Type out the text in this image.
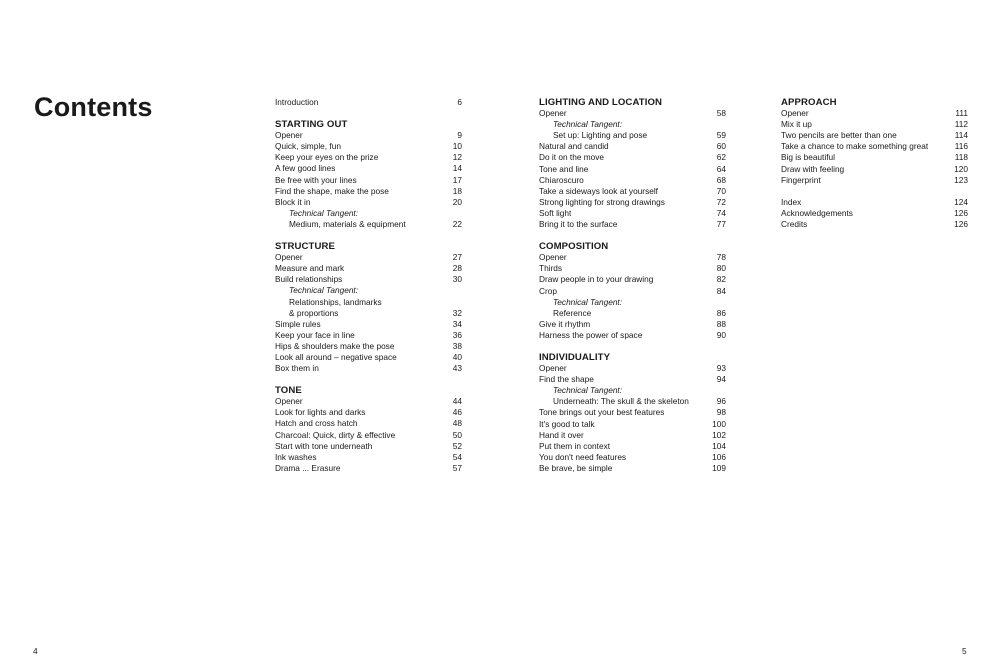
Contents	Introduction	6
STARTING OUT
Opener	9
Quick, simple, fun	10
Keep your eyes on the prize	12
A few good lines	14
Be free with your lines	17
Find the shape, make the pose	18
Block it in	20
Technical Tangent:
Medium, materials & equipment	22
STRUCTURE
Opener	27
Measure and mark	28
Build relationships	30
Technical Tangent:
Relationships, landmarks
& proportions	32
Simple rules	34
Keep your face in line	36
Hips & shoulders make the pose	38
Look all around – negative space	40
Box them in	43
TONE
Opener	44
Look for lights and darks	46
Hatch and cross hatch	48
Charcoal: Quick, dirty & effective	50
Start with tone underneath	52
Ink washes	54
Drama ... Erasure	57
LIGHTING AND LOCATION
Opener	58
Technical Tangent:
Set up: Lighting and pose	59
Natural and candid	60
Do it on the move	62
Tone and line	64
Chiaroscuro	68
Take a sideways look at yourself	70
Strong lighting for strong drawings	72
Soft light	74
Bring it to the surface	77
COMPOSITION
Opener	78
Thirds	80
Draw people in to your drawing	82
Crop	84
Technical Tangent:
Reference	86
Give it rhythm	88
Harness the power of space	90
INDIVIDUALITY
Opener	93
Find the shape	94
Technical Tangent:
Underneath: The skull & the skeleton	96
Tone brings out your best features	98
It's good to talk	100
Hand it over	102
Put them in context	104
You don't need features	106
Be brave, be simple	109
APPROACH
Opener	111
Mix it up	112
Two pencils are better than one	114
Take a chance to make something great	116
Big is beautiful	118
Draw with feeling	120
Fingerprint	123
Index	124
Acknowledgements	126
Credits	126
4	5
